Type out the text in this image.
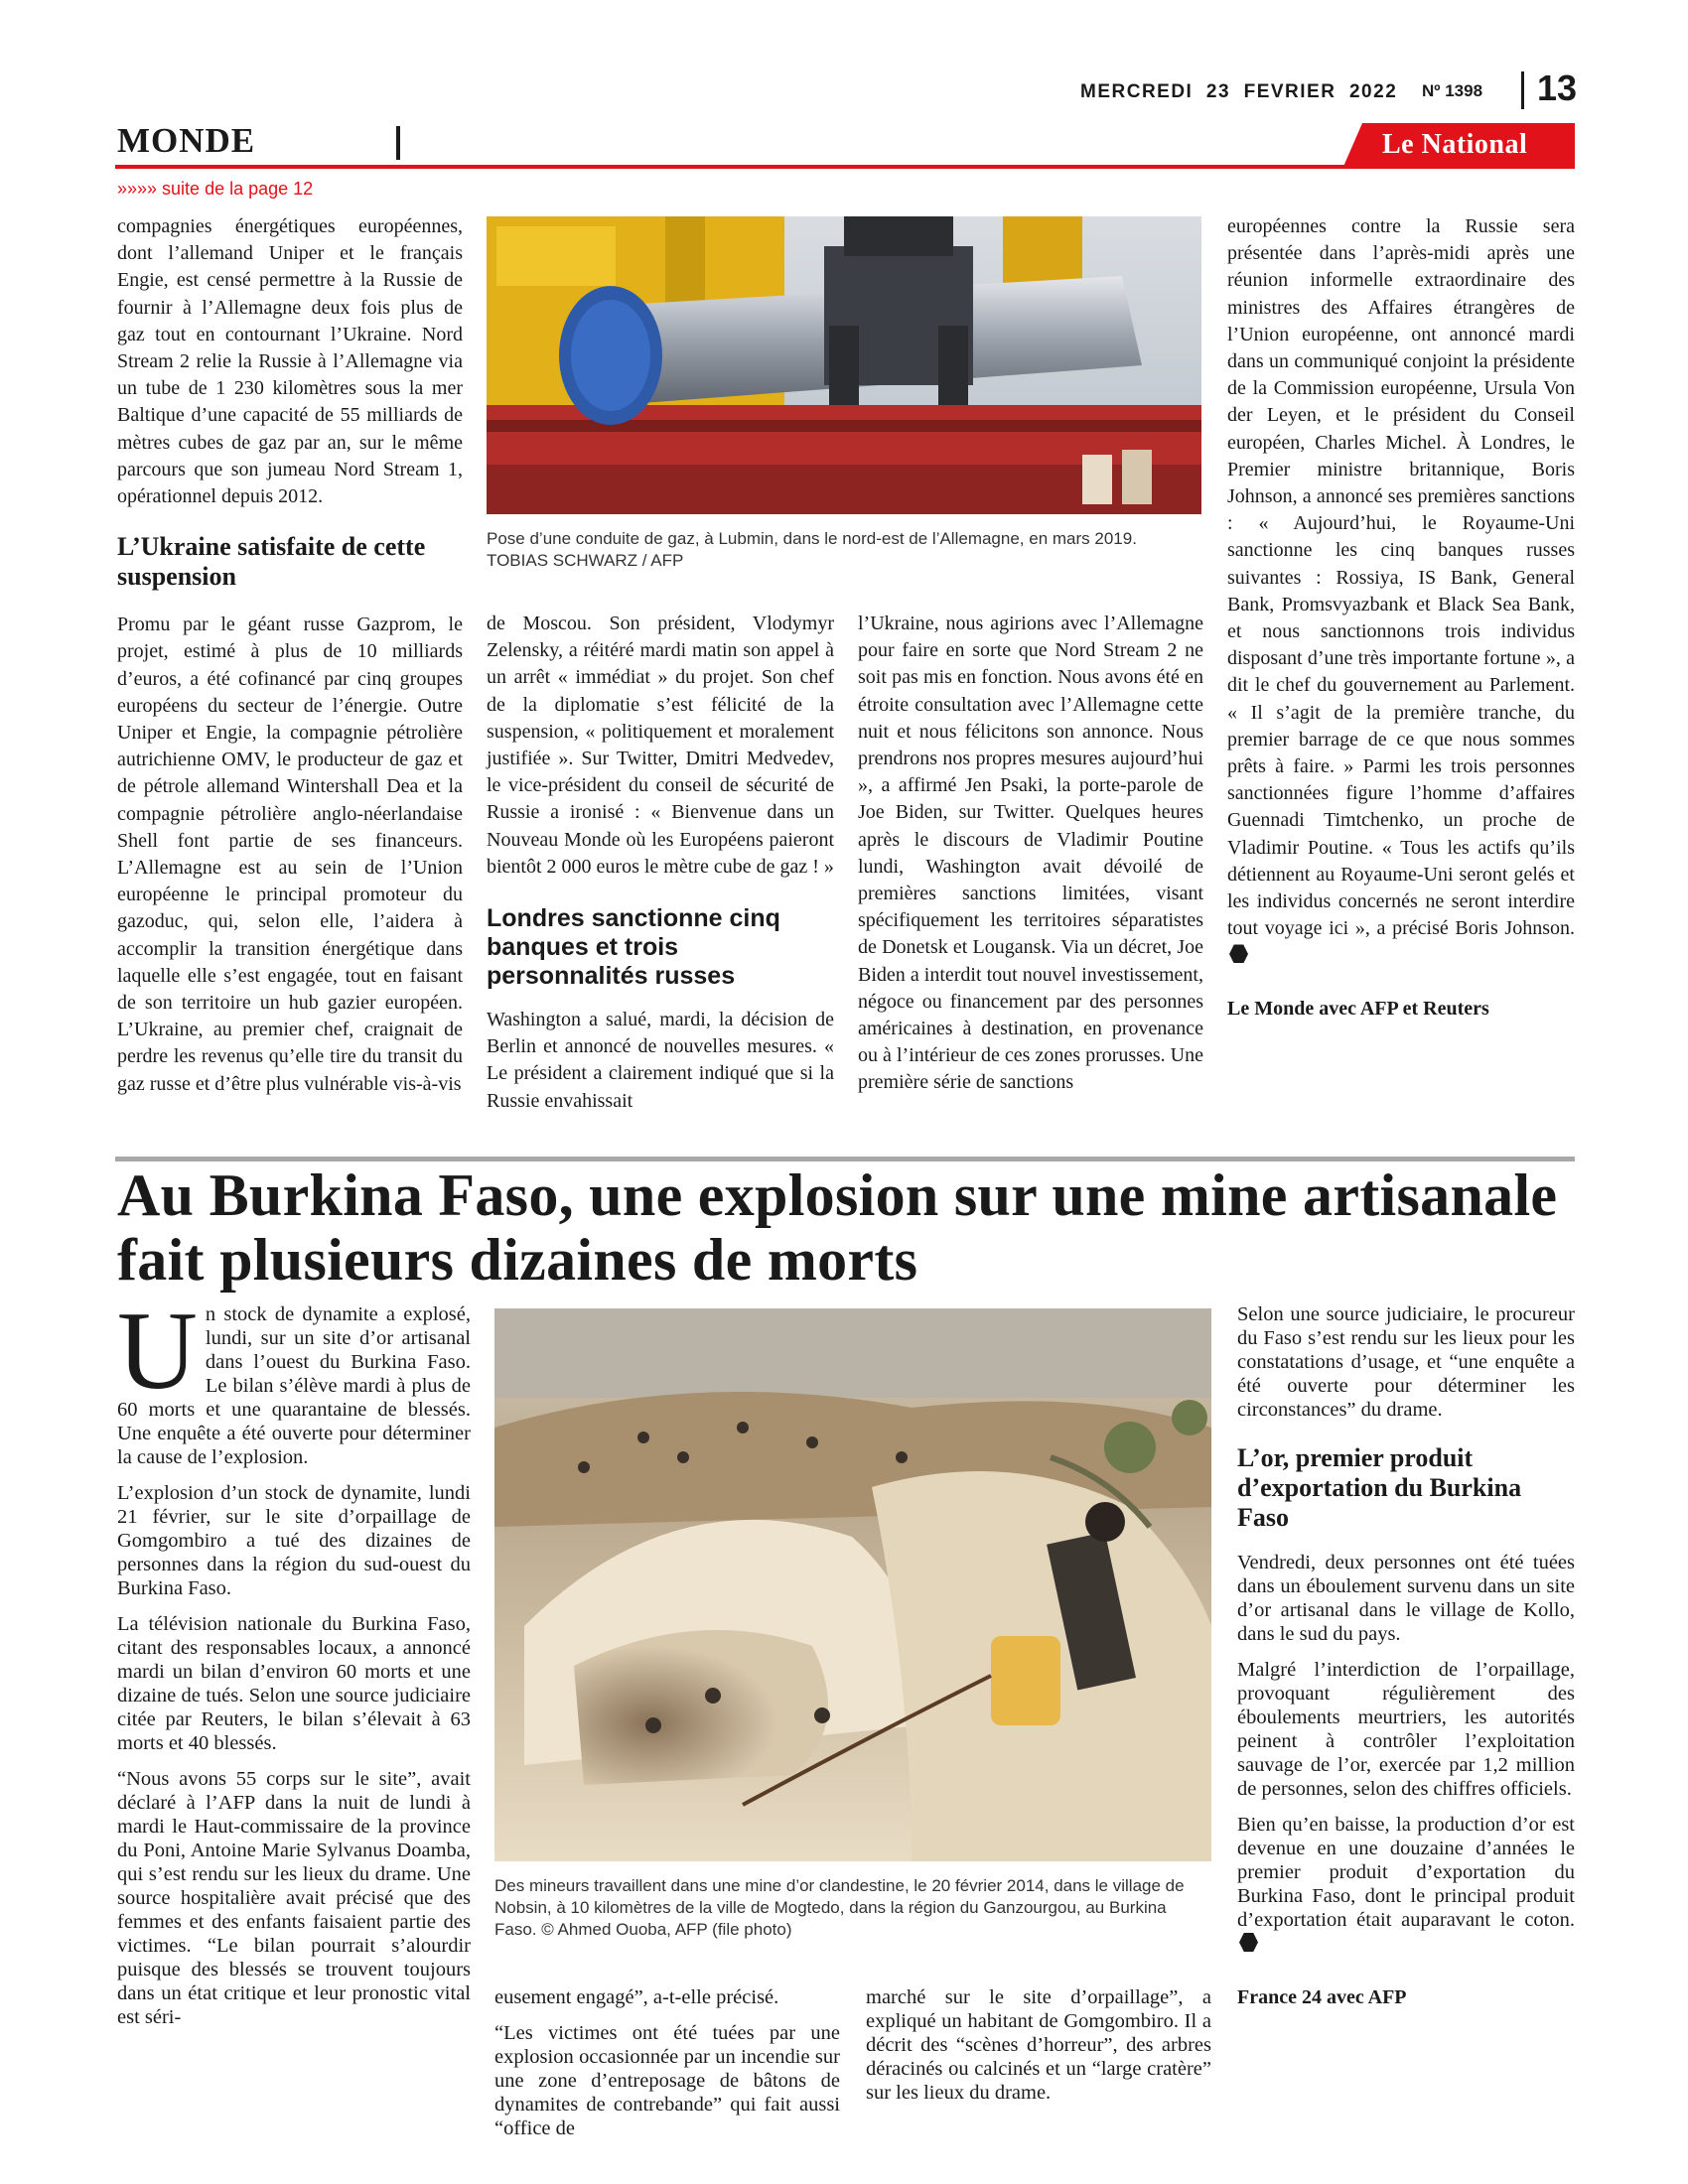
MERCREDI  23  FEVRIER  2022 Nº 1398 13
MONDE	Le National
»»»» suite de la page 12

compagnies énergétiques européennes, dont l’allemand Uniper et le français Engie, est censé permettre à la Russie de fournir à l’Allemagne deux fois plus de gaz tout en contournant l’Ukraine. Nord Stream 2 relie la Russie à l’Allemagne via un tube de 1 230 kilomètres sous la mer Baltique d’une capacité de 55 milliards de mètres cubes de gaz par an, sur le même parcours que son jumeau Nord Stream 1, opérationnel depuis 2012.

L’Ukraine satisfaite de cette suspension

Promu par le géant russe Gazprom, le projet, estimé à plus de 10 milliards d’euros, a été cofinancé par cinq groupes européens du secteur de l’énergie. Outre Uniper et Engie, la compagnie pétrolière autrichienne OMV, le producteur de gaz et de pétrole allemand Wintershall Dea et la compagnie pétrolière anglo-néerlandaise Shell font partie de ses financeurs. L’Allemagne est au sein de l’Union européenne le principal promoteur du gazoduc, qui, selon elle, l’aidera à accomplir la transition énergétique dans laquelle elle s’est engagée, tout en faisant de son territoire un hub gazier européen. L’Ukraine, au premier chef, craignait de perdre les revenus qu’elle tire du transit du gaz russe et d’être plus vulnérable vis-à-vis

Pose d’une conduite de gaz, à Lubmin, dans le nord-est de l’Allemagne, en mars 2019.
TOBIAS SCHWARZ / AFP

de Moscou. Son président, Vlodymyr Zelensky, a réitéré mardi matin son appel à un arrêt « immédiat » du projet. Son chef de la diplomatie s’est félicité de la suspension, « politiquement et moralement justifiée ». Sur Twitter, Dmitri Medvedev, le vice-président du conseil de sécurité de Russie a ironisé : « Bienvenue dans un Nouveau Monde où les Européens paieront bientôt 2 000 euros le mètre cube de gaz ! »

Londres sanctionne cinq banques et trois personnalités russes

Washington a salué, mardi, la décision de Berlin et annoncé de nouvelles mesures. « Le président a clairement indiqué que si la Russie envahissait

l’Ukraine, nous agirions avec l’Allemagne pour faire en sorte que Nord Stream 2 ne soit pas mis en fonction. Nous avons été en étroite consultation avec l’Allemagne cette nuit et nous félicitons son annonce. Nous prendrons nos propres mesures aujourd’hui », a affirmé Jen Psaki, la porte-parole de Joe Biden, sur Twitter. Quelques heures après le discours de Vladimir Poutine lundi, Washington avait dévoilé de premières sanctions limitées, visant spécifiquement les territoires séparatistes de Donetsk et Lougansk. Via un décret, Joe Biden a interdit tout nouvel investissement, négoce ou financement par des personnes américaines à destination, en provenance ou à l’intérieur de ces zones prorusses. Une première série de sanctions

européennes contre la Russie sera présentée dans l’après-midi après une réunion informelle extraordinaire des ministres des Affaires étrangères de l’Union européenne, ont annoncé mardi dans un communiqué conjoint la présidente de la Commission européenne, Ursula Von der Leyen, et le président du Conseil européen, Charles Michel. À Londres, le Premier ministre britannique, Boris Johnson, a annoncé ses premières sanctions : « Aujourd’hui, le Royaume-Uni sanctionne les cinq banques russes suivantes : Rossiya, IS Bank, General Bank, Promsvyazbank et Black Sea Bank, et nous sanctionnons trois individus disposant d’une très importante fortune », a dit le chef du gouvernement au Parlement. « Il s’agit de la première tranche, du premier barrage de ce que nous sommes prêts à faire. » Parmi les trois personnes sanctionnées figure l’homme d’affaires Guennadi Timtchenko, un proche de Vladimir Poutine. « Tous les actifs qu’ils détiennent au Royaume-Uni seront gelés et les individus concernés ne seront interdire tout voyage ici », a précisé Boris Johnson.

Le Monde avec AFP et Reuters
Au Burkina Faso, une explosion sur une mine artisanale fait plusieurs dizaines de morts

Un stock de dynamite a explosé, lundi, sur un site d’or artisanal dans l’ouest du Burkina Faso. Le bilan s’élève mardi à plus de 60 morts et une quarantaine de blessés. Une enquête a été ouverte pour déterminer la cause de l’explosion.

L’explosion d’un stock de dynamite, lundi 21 février, sur le site d’orpaillage de Gomgombiro a tué des dizaines de personnes dans la région du sud-ouest du Burkina Faso.

La télévision nationale du Burkina Faso, citant des responsables locaux, a annoncé mardi un bilan d’environ 60 morts et une dizaine de tués. Selon une source judiciaire citée par Reuters, le bilan s’élevait à 63 morts et 40 blessés.

“Nous avons 55 corps sur le site”, avait déclaré à l’AFP dans la nuit de lundi à mardi le Haut-commissaire de la province du Poni, Antoine Marie Sylvanus Doamba, qui s’est rendu sur les lieux du drame. Une source hospitalière avait précisé que des femmes et des enfants faisaient partie des victimes. “Le bilan pourrait s’alourdir puisque des blessés se trouvent toujours dans un état critique et leur pronostic vital est séri-

Des mineurs travaillent dans une mine d’or clandestine, le 20 février 2014, dans le village de Nobsin, à 10 kilomètres de la ville de Mogtedo, dans la région du Ganzourgou, au Burkina Faso. © Ahmed Ouoba, AFP (file photo)

eusement engagé”, a-t-elle précisé.

“Les victimes ont été tuées par une explosion occasionnée par un incendie sur une zone d’entreposage de bâtons de dynamites de contrebande” qui fait aussi “office de

marché sur le site d’orpaillage”, a expliqué un habitant de Gomgombiro. Il a décrit des “scènes d’horreur”, des arbres déracinés ou calcinés et un “large cratère” sur les lieux du drame.

Selon une source judiciaire, le procureur du Faso s’est rendu sur les lieux pour les constatations d’usage, et “une enquête a été ouverte pour déterminer les circonstances” du drame.

L’or, premier produit d’exportation du Burkina Faso

Vendredi, deux personnes ont été tuées dans un éboulement survenu dans un site d’or artisanal dans le village de Kollo, dans le sud du pays.

Malgré l’interdiction de l’orpaillage, provoquant régulièrement des éboulements meurtriers, les autorités peinent à contrôler l’exploitation sauvage de l’or, exercée par 1,2 million de personnes, selon des chiffres officiels.

Bien qu’en baisse, la production d’or est devenue en une douzaine d’années le premier produit d’exportation du Burkina Faso, dont le principal produit d’exportation était auparavant le coton.

France 24 avec AFP
